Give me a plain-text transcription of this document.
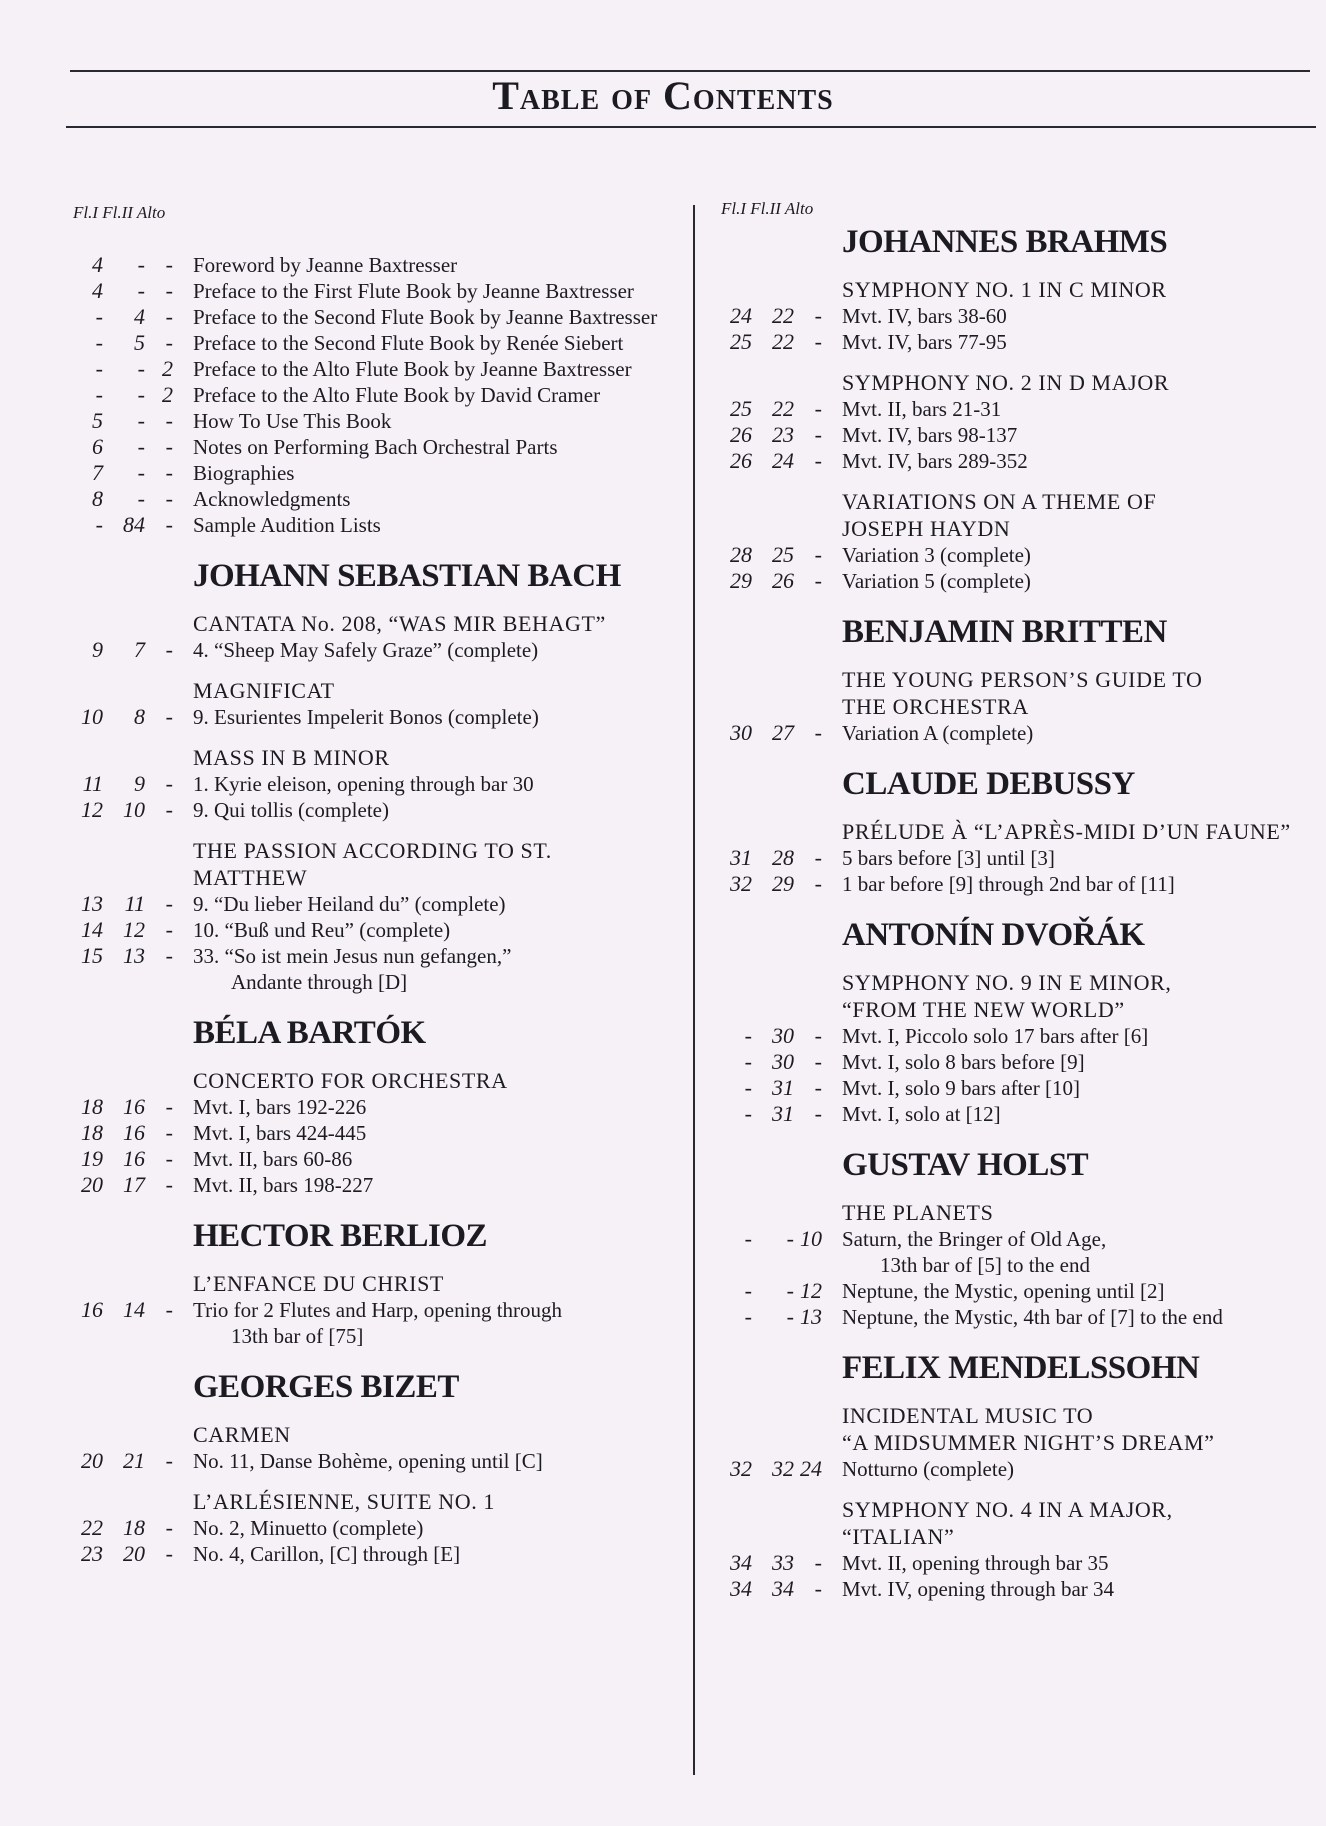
Table of Contents
Fl.I Fl.II Alto	Fl.I Fl.II Alto
4	- - Foreword by Jeanne Baxtresser
4	- - Preface to the First Flute Book by Jeanne Baxtresser
-	4 - Preface to the Second Flute Book by Jeanne Baxtresser
-	5 - Preface to the Second Flute Book by Renée Siebert
-	- 2 Preface to the Alto Flute Book by Jeanne Baxtresser
-	- 2 Preface to the Alto Flute Book by David Cramer
5	- - How To Use This Book
6	- - Notes on Performing Bach Orchestral Parts
7	- - Biographies
8	- - Acknowledgments
- 84 - Sample Audition Lists
JOHANN SEBASTIAN BACH
CANTATA No. 208, “WAS MIR BEHAGT”
9	7 - 4. “Sheep May Safely Graze” (complete)
MAGNIFICAT
10	8 - 9. Esurientes Impelerit Bonos (complete)
MASS IN B MINOR
11	9 - 1. Kyrie eleison, opening through bar 30
12 10 - 9. Qui tollis (complete)
THE PASSION ACCORDING TO ST.
MATTHEW
13 11 - 9. “Du lieber Heiland du” (complete)
14 12 - 10. “Buß und Reu” (complete)
15 13 - 33. “So ist mein Jesus nun gefangen,”
Andante through [D]
BÉLA BARTÓK
CONCERTO FOR ORCHESTRA
18 16 - Mvt. I, bars 192-226
18 16 - Mvt. I, bars 424-445
19 16 - Mvt. II, bars 60-86
20 17 - Mvt. II, bars 198-227
HECTOR BERLIOZ
L’ENFANCE DU CHRIST
16 14 - Trio for 2 Flutes and Harp, opening through
13th bar of [75]
GEORGES BIZET
CARMEN
20 21 - No. 11, Danse Bohème, opening until [C]
L’ARLÉSIENNE, SUITE NO. 1
22 18 - No. 2, Minuetto (complete)
23 20 - No. 4, Carillon, [C] through [E]
JOHANNES BRAHMS
SYMPHONY NO. 1 IN C MINOR
24 22 - Mvt. IV, bars 38-60
25 22 - Mvt. IV, bars 77-95
SYMPHONY NO. 2 IN D MAJOR
25 22 - Mvt. II, bars 21-31
26 23 - Mvt. IV, bars 98-137
26 24 - Mvt. IV, bars 289-352
VARIATIONS ON A THEME OF
JOSEPH HAYDN
28 25 - Variation 3 (complete)
29 26 - Variation 5 (complete)
BENJAMIN BRITTEN
THE YOUNG PERSON’S GUIDE TO
THE ORCHESTRA
30 27 - Variation A (complete)
CLAUDE DEBUSSY
PRÉLUDE À “L’APRÈS-MIDI D’UN FAUNE”
31 28 - 5 bars before [3] until [3]
32 29 - 1 bar before [9] through 2nd bar of [11]
ANTONÍN DVOŘÁK
SYMPHONY NO. 9 IN E MINOR,
“FROM THE NEW WORLD”
- 30 - Mvt. I, Piccolo solo 17 bars after [6]
- 30 - Mvt. I, solo 8 bars before [9]
- 31 - Mvt. I, solo 9 bars after [10]
- 31 - Mvt. I, solo at [12]
GUSTAV HOLST
THE PLANETS
-	- 10 Saturn, the Bringer of Old Age,
13th bar of [5] to the end
-	- 12 Neptune, the Mystic, opening until [2]
-	- 13 Neptune, the Mystic, 4th bar of [7] to the end
FELIX MENDELSSOHN
INCIDENTAL MUSIC TO
“A MIDSUMMER NIGHT’S DREAM”
32 32 24 Notturno (complete)
SYMPHONY NO. 4 IN A MAJOR,
“ITALIAN”
34 33 - Mvt. II, opening through bar 35
34 34 - Mvt. IV, opening through bar 34
